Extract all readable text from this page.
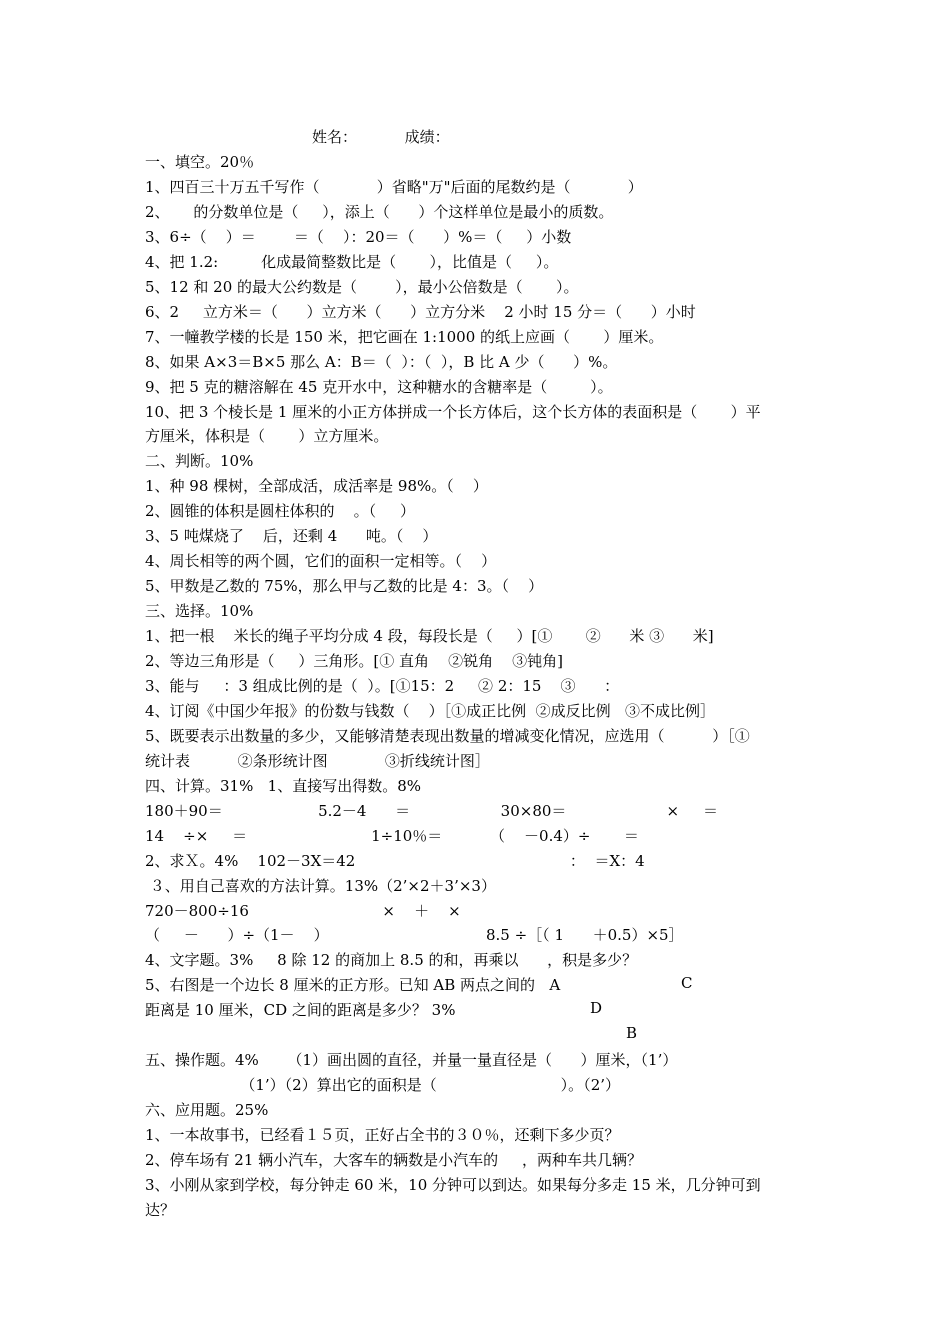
姓名：          成绩：
一、填空。20％
1、四百三十万五千写作（            ）省略"万"后面的尾数约是（            ）
2、     的分数单位是（     ），添上（      ）个这样单位是最小的质数。
3、6÷（    ）＝        ＝（    ）：20＝（      ）%＝（     ）小数
4、把 1.2:         化成最简整数比是（       ），比值是（     ）。
5、12 和 20 的最大公约数是（        ），最小公倍数是（       ）。
6、2     立方米＝（      ）立方米（      ）立方分米    2 小时 15 分＝（      ）小时
7、一幢教学楼的长是 150 米，把它画在 1:1000 的纸上应画（       ）厘米。
8、如果 A×3＝B×5 那么 A：B＝（  ）：（  ），B 比 A 少（      ）%。
9、把 5 克的糖溶解在 45 克开水中，这种糖水的含糖率是（         ）。
10、把 3 个棱长是 1 厘米的小正方体拼成一个长方体后，这个长方体的表面积是（       ）平
方厘米，体积是（       ）立方厘米。
二、判断。10%
1、种 98 棵树，全部成活，成活率是 98%。（    ）
2、圆锥的体积是圆柱体积的    。（     ）
3、5 吨煤烧了    后，还剩 4      吨。（    ）
4、周长相等的两个圆，它们的面积一定相等。（    ）
5、甲数是乙数的 75%，那么甲与乙数的比是 4：3。（    ）
三、选择。10%
1、把一根    米长的绳子平均分成 4 段，每段长是（     ）[①       ②      米 ③      米]
2、等边三角形是（     ）三角形。[① 直角    ②锐角    ③钝角]
3、能与     ：3 组成比例的是（  ）。[①15：2     ② 2：15    ③      ：
4、订阅《中国少年报》的份数与钱数（    ）［①成正比例  ②成反比例   ③不成比例］
5、既要表示出数量的多少，又能够清楚表现出数量的增减变化情况，应选用（          ）［①
统计表          ②条形统计图            ③折线统计图］
四、计算。31%   1、直接写出得数。8%
180＋90＝                    5.2－4      ＝                   30×80＝                     ×     ＝
14    ÷×     ＝                          1÷10％＝          （    －0.4）÷       ＝
2、求Ｘ。4%    102－3X＝42                                             ：  ＝X：4
３、用自己喜欢的方法计算。13%（2’×2＋3’×3）
720－800÷16                            ×    ＋    ×
（     －      ）÷（1－    ）                                 8.5 ÷［（ 1      ＋0.5）×5］
4、文字题。3%     8 除 12 的商加上 8.5 的和，再乘以      ，积是多少？
5、右图是一个边长 8 厘米的正方形。已知 AB 两点之间的   A
距离是 10 厘米，CD 之间的距离是多少？ 3%
五、操作题。4%      （1）画出圆的直径，并量一量直径是（      ）厘米，（1’）
（1’）（2）算出它的面积是（                          ）。（2’）
六、应用题。25%
1、一本故事书，已经看１５页，正好占全书的３０％，还剩下多少页？
2、停车场有 21 辆小汽车，大客车的辆数是小汽车的     ，两种车共几辆？
3、小刚从家到学校，每分钟走 60 米，10 分钟可以到达。如果每分多走 15 米，几分钟可到
达？
C
D
B
